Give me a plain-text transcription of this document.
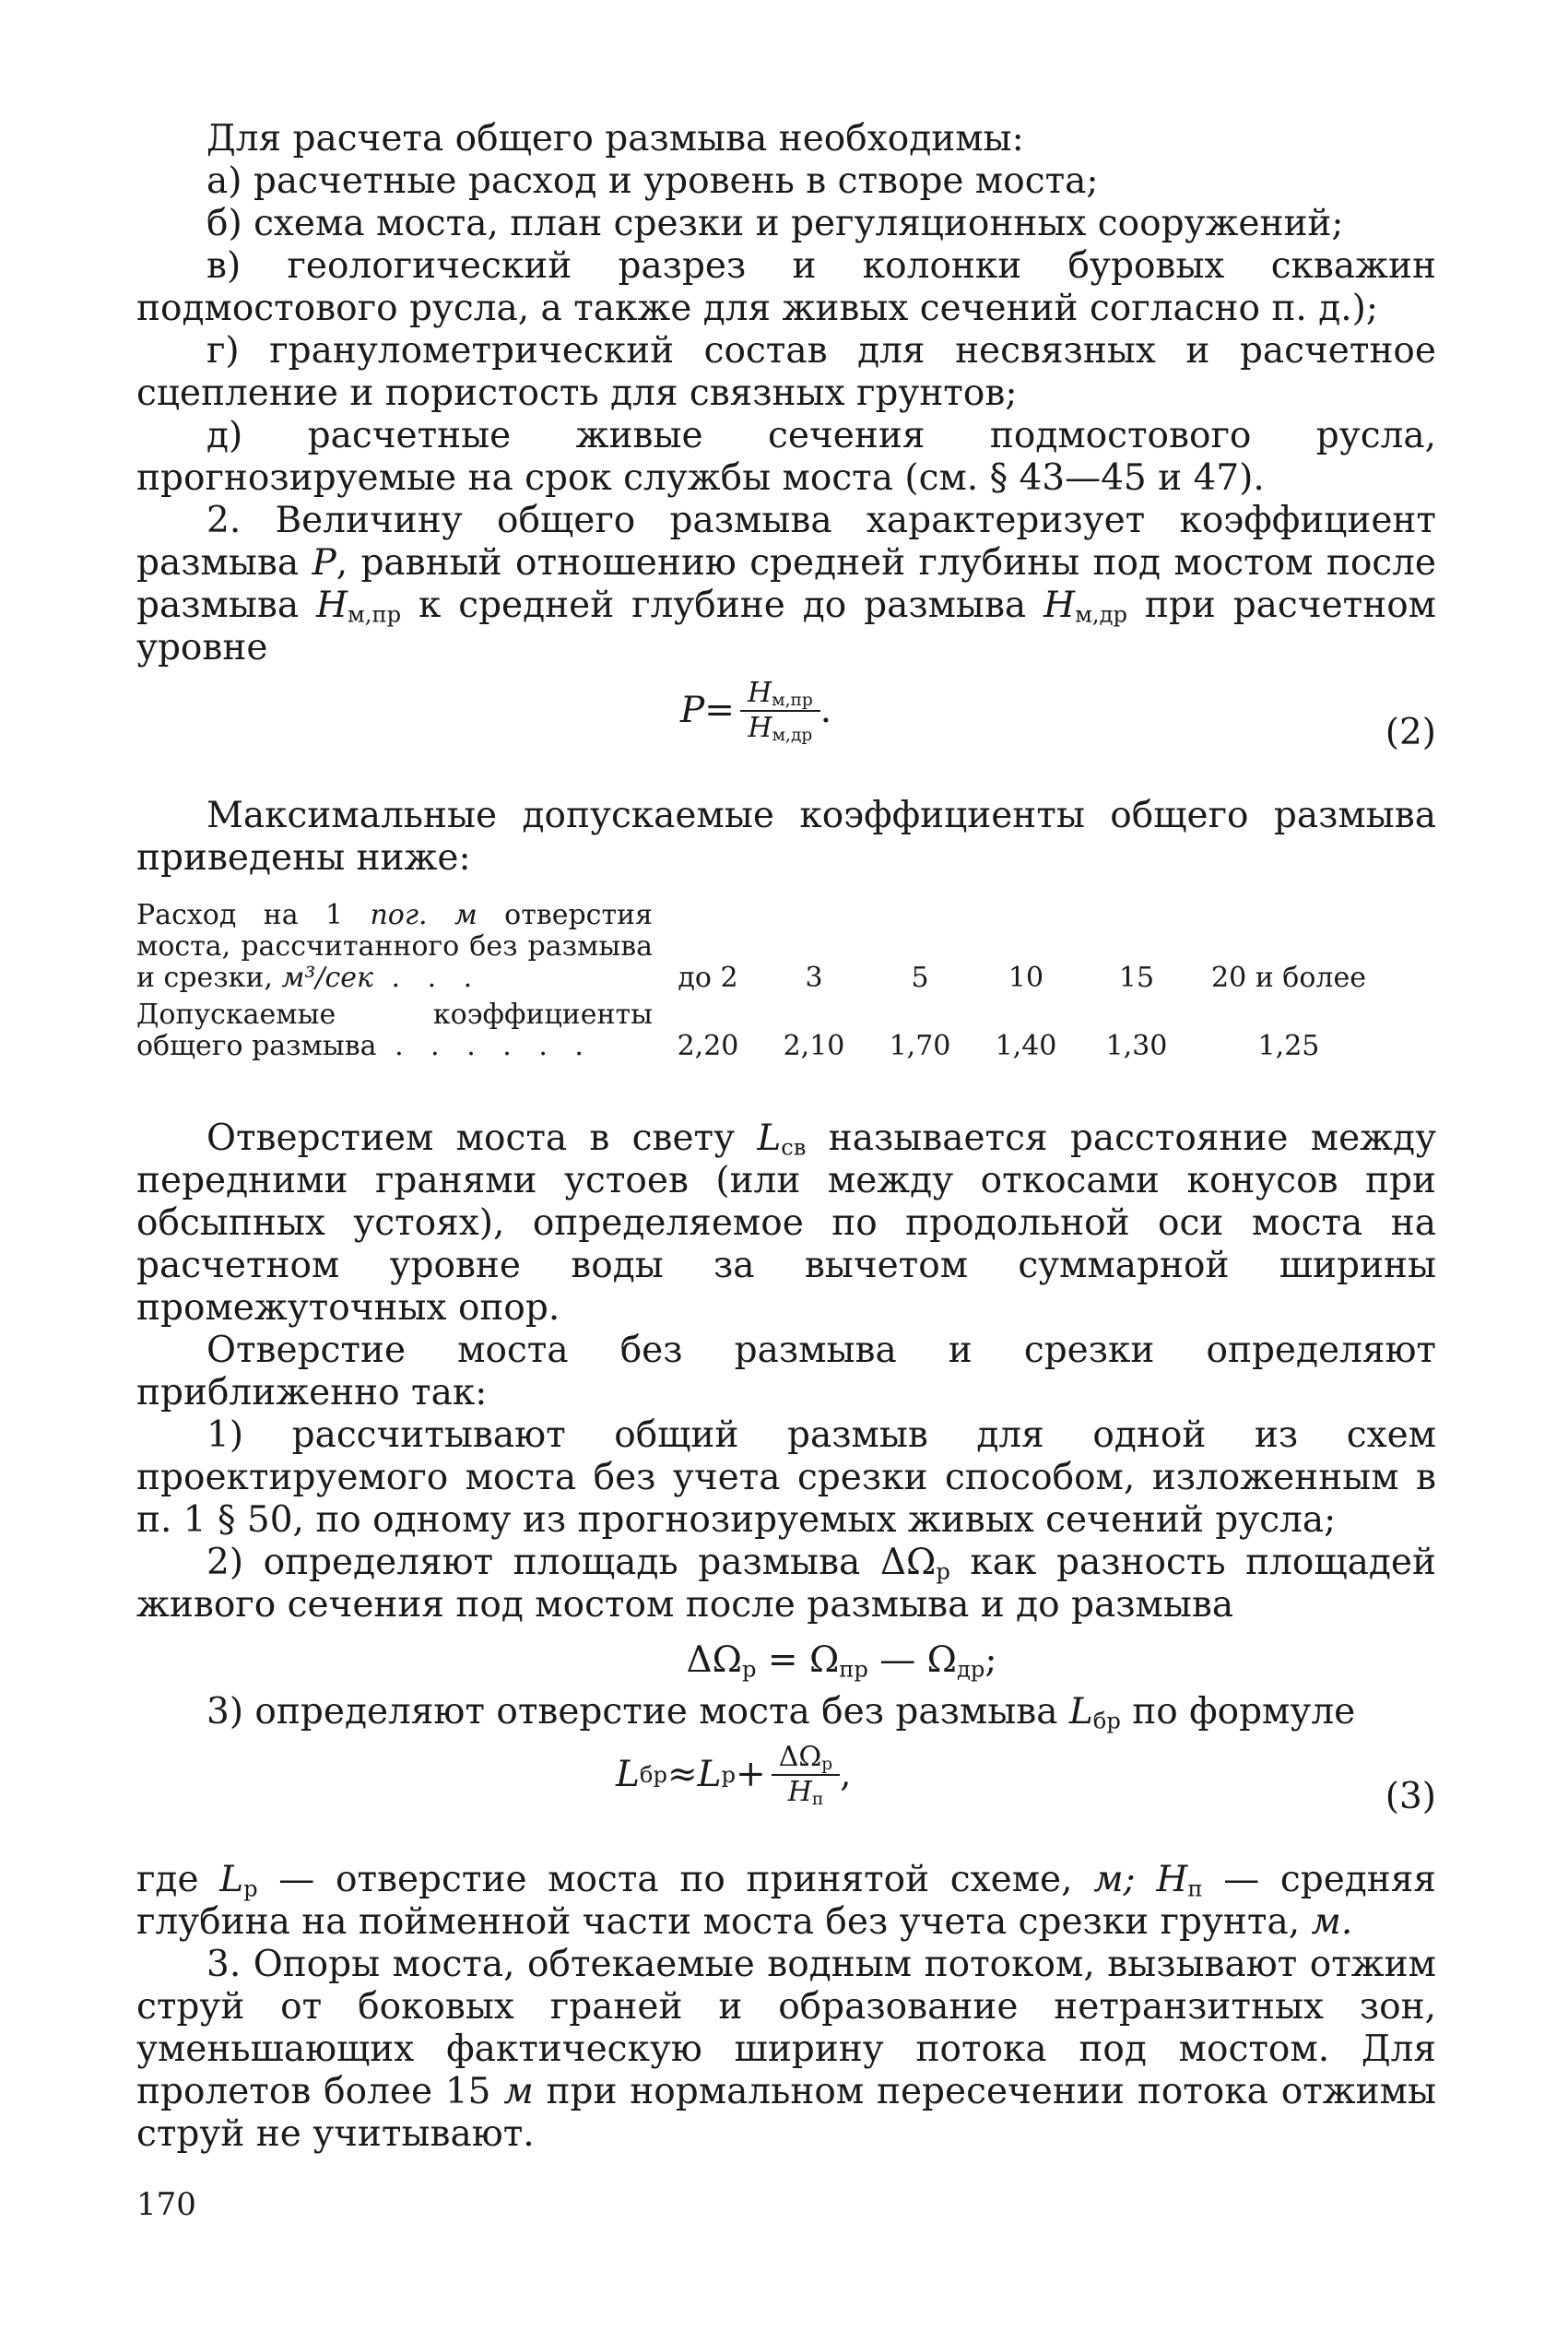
Для расчета общего размыва необходимы:

а) расчетные расход и уровень в створе моста;

б) схема моста, план срезки и регуляционных сооружений;

в) геологический разрез и колонки буровых скважин подмостового русла, а также для живых сечений согласно п. д.);

г) гранулометрический состав для несвязных и расчетное сцепление и пористость для связных грунтов;

д) расчетные живые сечения подмостового русла, прогнозируемые на срок службы моста (см. § 43—45 и 47).

2. Величину общего размыва характеризует коэффициент размыва P, равный отношению средней глубины под мостом после размыва $H_{м,пр}$ к средней глубине до размыва $H_{м,др}$ при расчетном уровне

$P = \frac{H_{м,пр}}{H_{м,др}}$ .
(2)

Максимальные допускаемые коэффициенты общего размыва приведены ниже:

Расход на 1 пог. м отверстия моста, рассчитанного без размыва и срезки, м³/сек . . .	до 2	3	5	10	15	20 и более
Допускаемые коэффициенты общего размыва . . . . . .	2,20	2,10	1,70	1,40	1,30	1,25

Отверстием моста в свету $L_{св}$ называется расстояние между передними гранями устоев (или между откосами конусов при обсыпных устоях), определяемое по продольной оси моста на расчетном уровне воды за вычетом суммарной ширины промежуточных опор.

Отверстие моста без размыва и срезки определяют приближенно так:

1) рассчитывают общий размыв для одной из схем проектируемого моста без учета срезки способом, изложенным в п. 1 § 50, по одному из прогнозируемых живых сечений русла;

2) определяют площадь размыва $\Delta\Omega_р$ как разность площадей живого сечения под мостом после размыва и до размыва

$\Delta\Omega_р = \Omega_{пр}$ — $\Omega_{др}$;

3) определяют отверстие моста без размыва $L_{бр}$ по формуле

L бр ≈ L $р + \frac{\Delta\Omega_р}{H_п}$ ,
(3)

где $L_р$ — отверстие моста по принятой схеме, м; $H_п$ — средняя глубина на пойменной части моста без учета срезки грунта, м.

3. Опоры моста, обтекаемые водным потоком, вызывают отжим струй от боковых граней и образование нетранзитных зон, уменьшающих фактическую ширину потока под мостом. Для пролетов более 15 м при нормальном пересечении потока отжимы струй не учитывают.

170
